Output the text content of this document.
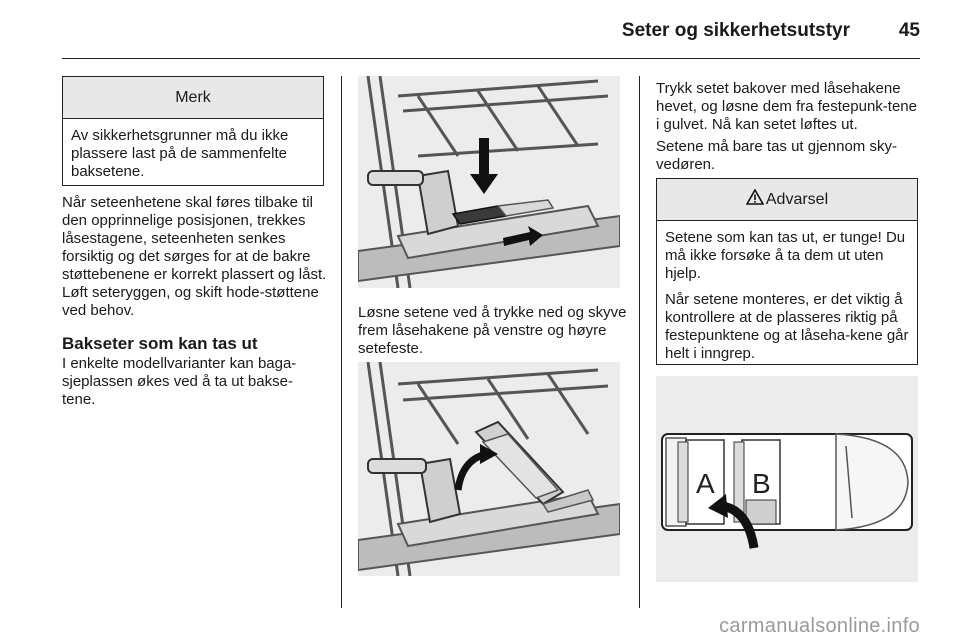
Seter og sikkerhetsutstyr	45
Merk
Av sikkerhetsgrunner må du ikke plassere last på de sammenfelte baksetene.
Når seteenhetene skal føres tilbake til den opprinnelige posisjonen, trekkes låsestagene, seteenheten senkes forsiktig og det sørges for at de bakre støttebenene er korrekt plassert og låst. Løft seteryggen, og skift hode-støttene ved behov.
Bakseter som kan tas ut
I enkelte modellvarianter kan baga-sjeplassen økes ved å ta ut bakse-tene.
Løsne setene ved å trykke ned og skyve frem låsehakene på venstre og høyre setefeste.
Trykk setet bakover med låsehakene hevet, og løsne dem fra festepunk-tene i gulvet. Nå kan setet løftes ut.
Setene må bare tas ut gjennom sky-vedøren.
Advarsel

Setene som kan tas ut, er tunge! Du må ikke forsøke å ta dem ut uten hjelp.

Når setene monteres, er det viktig å kontrollere at de plasseres riktig på festepunktene og at låseha-kene går helt i inngrep.

A B
carmanualsonline.info
